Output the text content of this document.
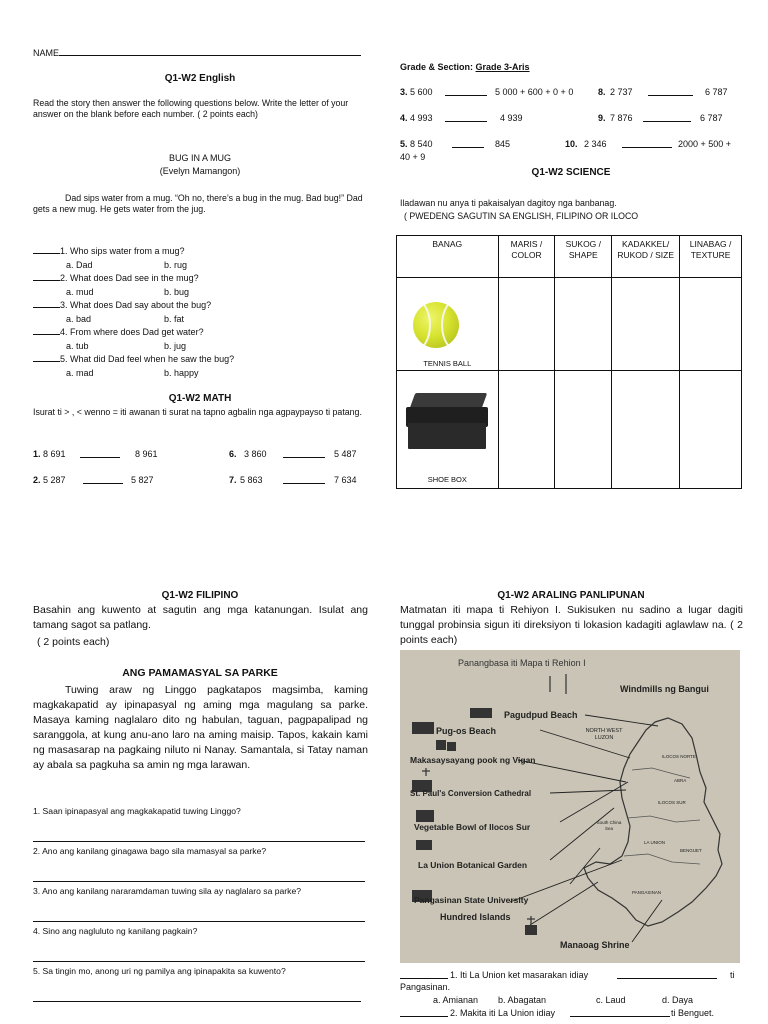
NAME
Q1-W2 English
Read the story then answer the following questions below. Write the letter of your answer on the blank before each number. ( 2 points each)
BUG IN A MUG
(Evelyn Mamangon)
Dad sips water from a mug. “Oh no, there’s a bug in the mug. Bad bug!” Dad gets a new mug. He gets water from the jug.
1. Who sips water from a mug?
a. Dad	b. rug
2. What does Dad see in the mug?
a. mud	b. bug
3. What does Dad say about the bug?
a. bad	b. fat
4. From where does Dad get water?
a. tub	b. jug
5. What did Dad feel when he saw the bug?
a. mad	b. happy
Q1-W2 MATH
Isurat ti > , < wenno = iti awanan ti surat na tapno agbalin nga agpaypayso ti patang.
1. 8 691	8 961	6. 3 860	5 487
2. 5 287	5 827	7. 5 863	7 634
Grade & Section: Grade 3-Aris
3. 5 600	5 000 + 600 + 0 + 0	8. 2 737	6 787
4. 4 993	4 939	9. 7 876	6 787
5. 8 540	845	10. 2 346	2000 + 500 +
40 + 9
Q1-W2 SCIENCE
Iladawan nu anya ti pakaisalyan dagitoy nga banbanag.
( PWEDENG SAGUTIN SA ENGLISH, FILIPINO OR ILOCO
BANAG	MARIS / COLOR	SUKOG / SHAPE	KADAKKEL/ RUKOD / SIZE	LINABAG / TEXTURE

TENNIS BALL				

SHOE BOX				

Q1-W2 FILIPINO
Basahin ang kuwento at sagutin ang mga katanungan. Isulat ang tamang sagot sa patlang.
( 2 points each)
ANG PAMAMASYAL SA PARKE
Tuwing araw ng Linggo pagkatapos magsimba, kaming magkakapatid ay ipinapasyal ng aming mga magulang sa parke. Masaya kaming naglalaro dito ng habulan, taguan, pagpapalipad ng saranggola, at kung anu-ano laro na aming maisip. Tapos, kakain kami ng masasarap na pagkaing niluto ni Nanay. Samantala, si Tatay naman ay abala sa pagkuha sa amin ng mga larawan.
1. Saan ipinapasyal ang magkakapatid tuwing Linggo?
2. Ano ang kanilang ginagawa bago sila mamasyal sa parke?
3. Ano ang kanilang nararamdaman tuwing sila ay naglalaro sa parke?
4. Sino ang nagluluto ng kanilang pagkain?
5. Sa tingin mo, anong uri ng pamilya ang ipinapakita sa kuwento?
Q1-W2 ARALING PANLIPUNAN
Matmatan iti mapa ti Rehiyon I. Sukisuken nu sadino a lugar dagiti tunggal probinsia sigun iti direksiyon ti lokasion kadagiti aglawlaw na. ( 2 points each)
Panangbasa iti Mapa ti Rehion I
Windmills ng Bangui
Pagudpud Beach
Pug-os Beach
Makasaysayang pook ng Vigan
St. Paul's Conversion Cathedral
Vegetable Bowl of Ilocos Sur
La Union Botanical Garden
Pangasinan State University
Hundred Islands
Manaoag Shrine
NORTH WEST LUZON
South China Sea
ILOCOS NORTE
ABRA
ILOCOS SUR
LA UNION
BENGUET
PANGASINAN
1. Iti La Union ket masarakan idiay	ti
Pangasinan.
a. Amianan b. Abagatan	c. Laud	d. Daya
2. Makita iti La Union idiay	ti Benguet.
